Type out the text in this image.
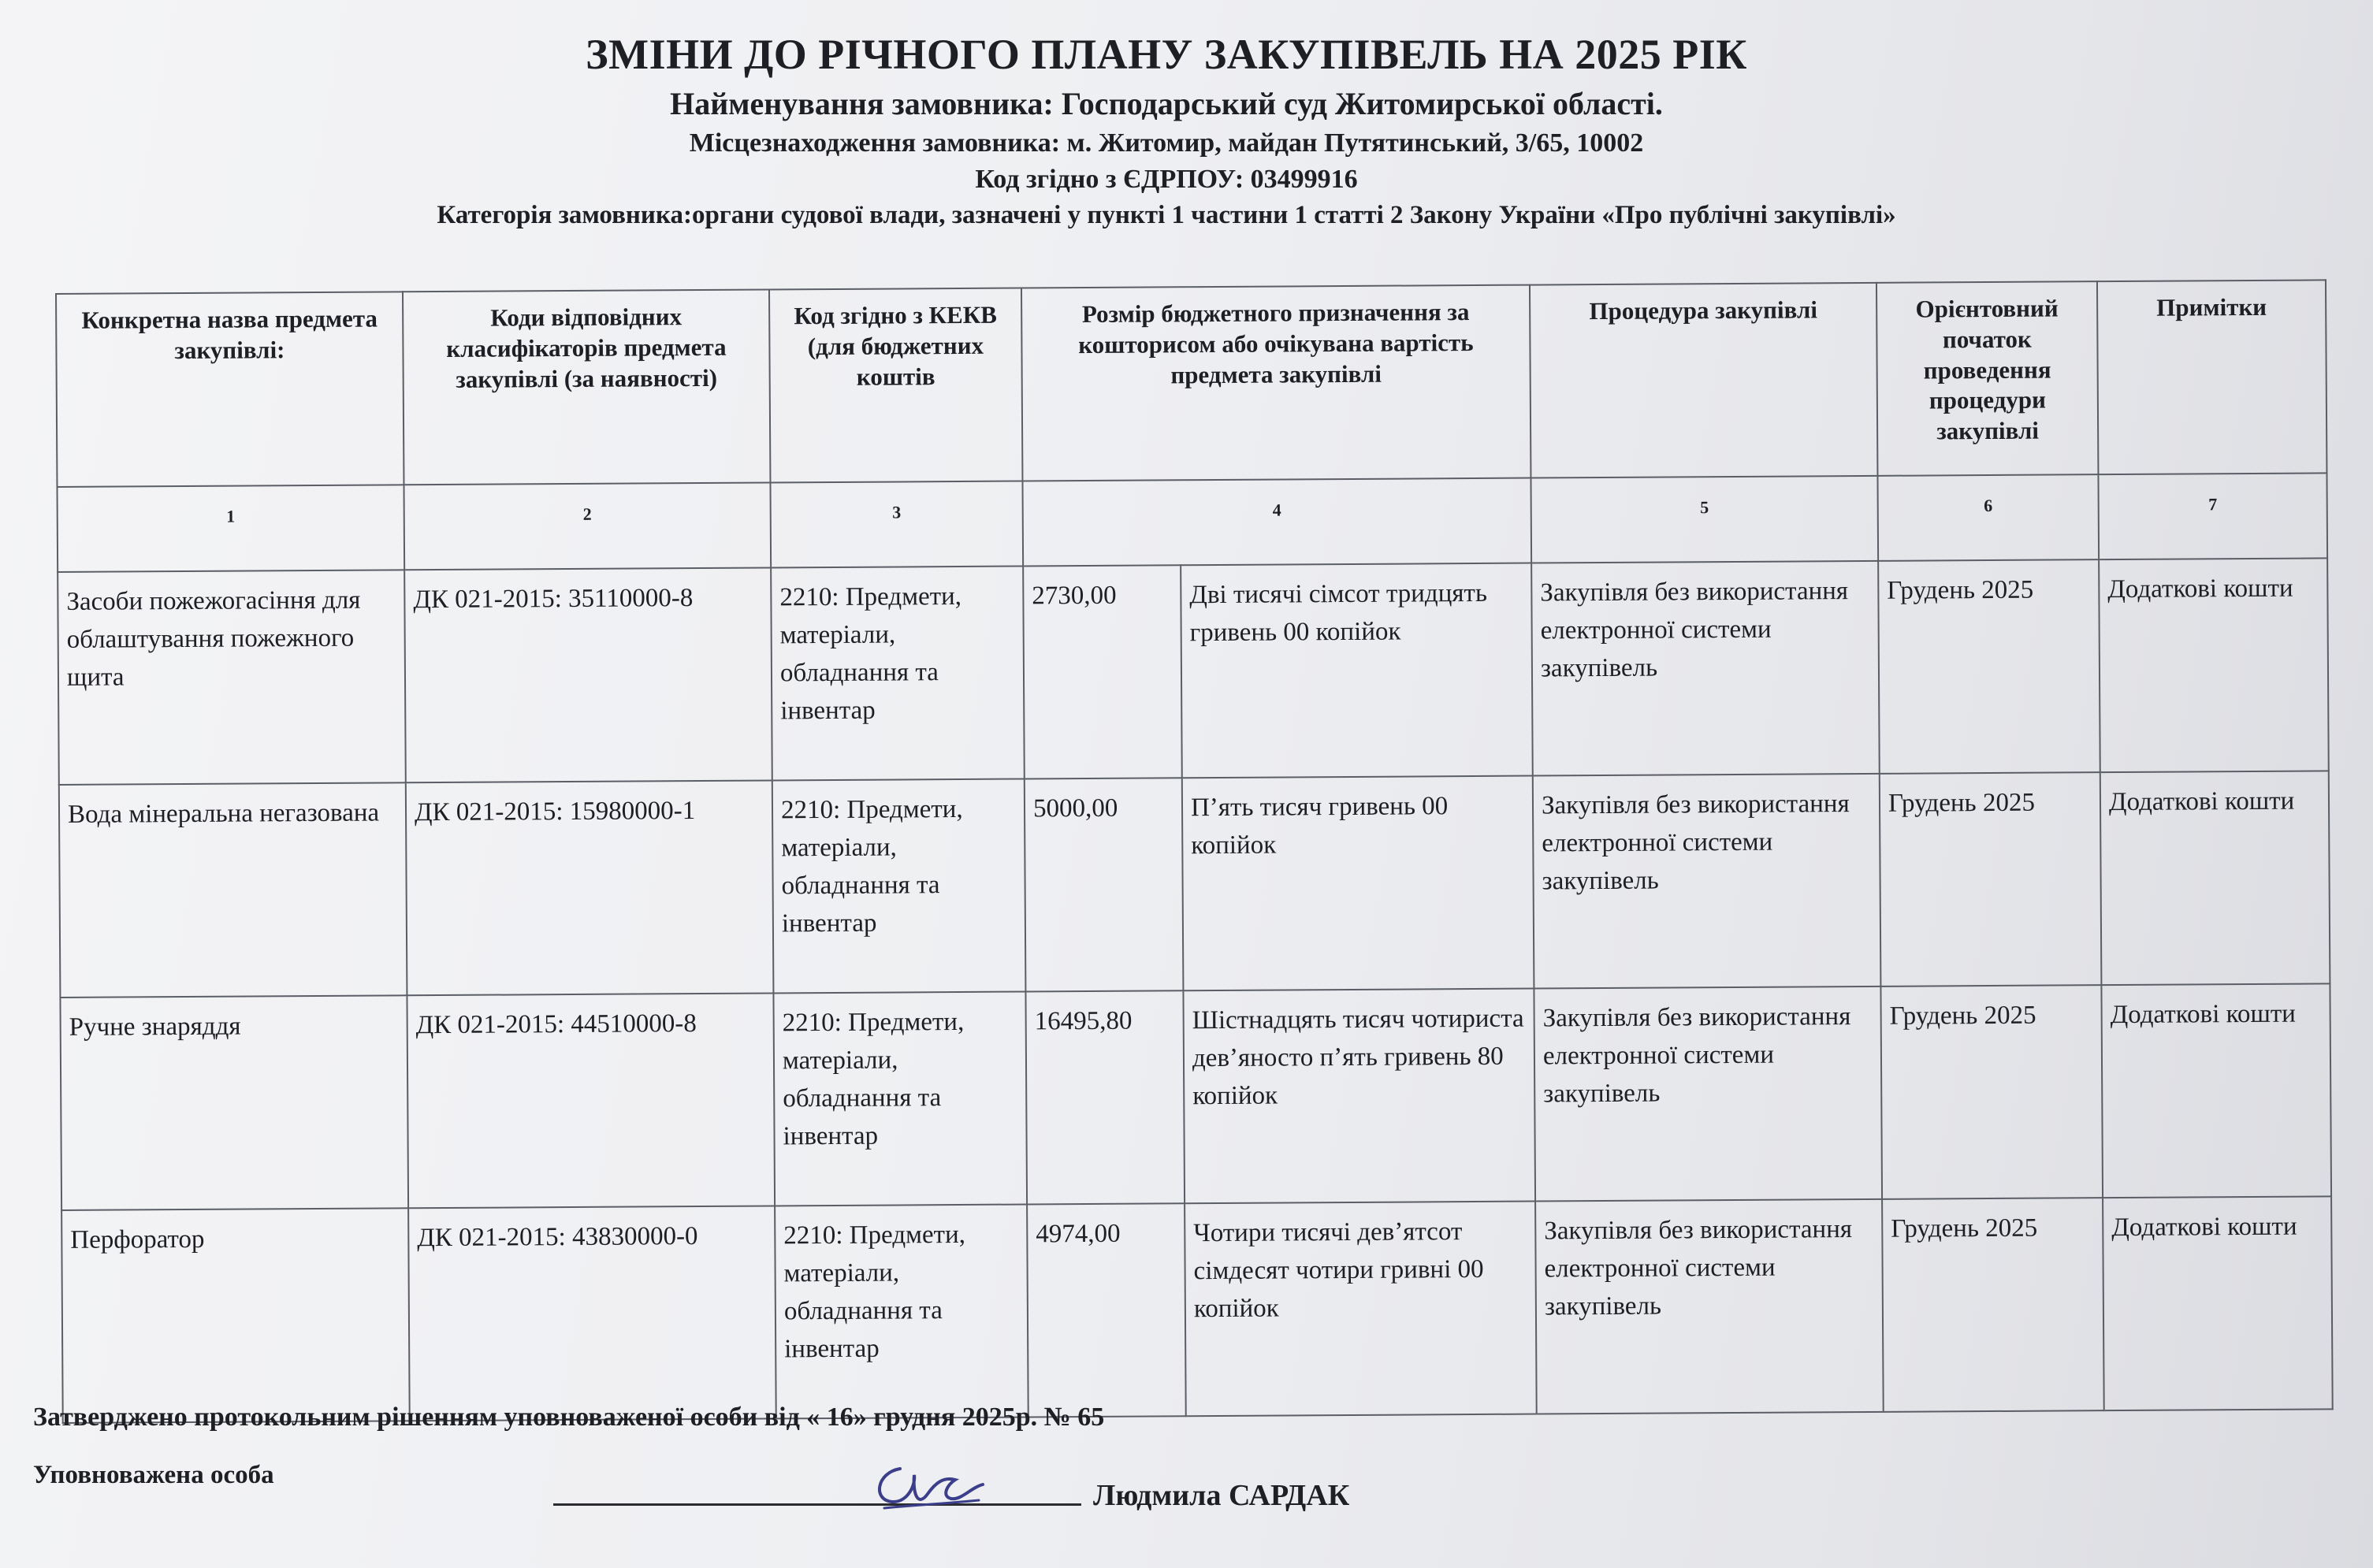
ЗМІНИ ДО РІЧНОГО ПЛАНУ ЗАКУПІВЕЛЬ НА 2025 РІК
Найменування замовника: Господарський суд Житомирської області.
Місцезнаходження замовника: м. Житомир, майдан Путятинський, 3/65, 10002
Код згідно з ЄДРПОУ: 03499916
Категорія замовника:органи судової влади, зазначені у пункті 1 частини 1 статті 2 Закону України «Про публічні закупівлі»
Конкретна назва предмета закупівлі:	Коди відповідних класифікаторів предмета закупівлі (за наявності)	Код згідно з КЕКВ (для бюджетних коштів	Розмір бюджетного призначення за кошторисом або очікувана вартість предмета закупівлі		Процедура закупівлі	Орієнтовний початок проведення процедури закупівлі	Примітки
1	2	3	4		5	6	7
Засоби пожежогасіння для облаштування пожежного щита	ДК 021-2015: 35110000-8	2210: Предмети, матеріали, обладнання та інвентар	2730,00	Дві тисячі сімсот тридцять гривень 00 копійок	Закупівля без використання електронної системи закупівель	Грудень 2025	Додаткові кошти
Вода мінеральна негазована	ДК 021-2015: 15980000-1	2210: Предмети, матеріали, обладнання та інвентар	5000,00	П’ять тисяч гривень 00 копійок	Закупівля без використання електронної системи закупівель	Грудень 2025	Додаткові кошти
Ручне знаряддя	ДК 021-2015: 44510000-8	2210: Предмети, матеріали, обладнання та інвентар	16495,80	Шістнадцять тисяч чотириста дев’яносто п’ять гривень 80 копійок	Закупівля без використання електронної системи закупівель	Грудень 2025	Додаткові кошти
Перфоратор	ДК 021-2015: 43830000-0	2210: Предмети, матеріали, обладнання та інвентар	4974,00	Чотири тисячі дев’ятсот сімдесят чотири гривні 00 копійок	Закупівля без використання електронної системи закупівель	Грудень 2025	Додаткові кошти
Затверджено протокольним рішенням уповноваженої особи від « 16» грудня 2025р. № 65
Уповноважена особа
Людмила САРДАК
